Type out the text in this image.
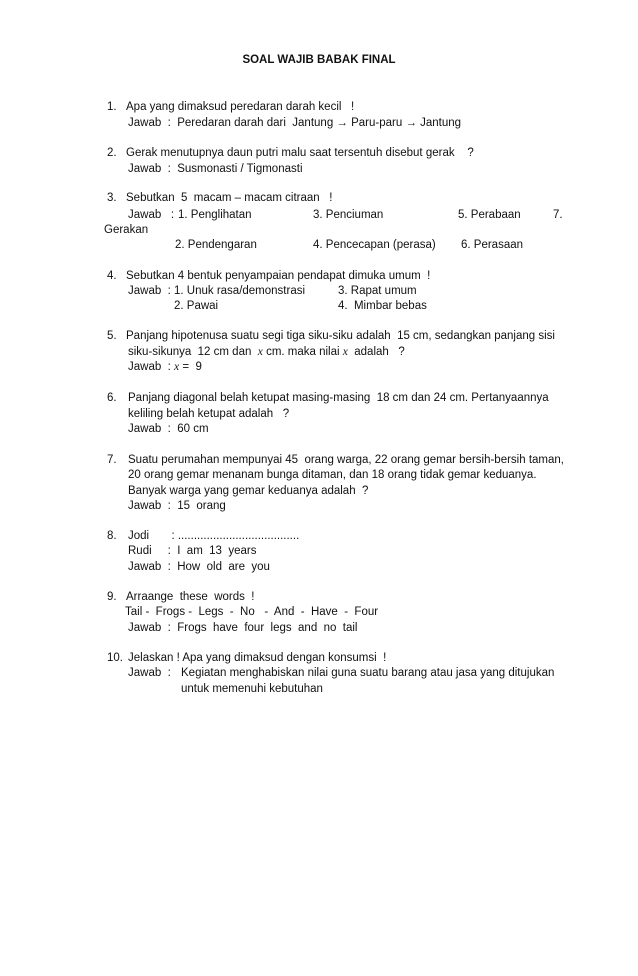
SOAL WAJIB BABAK FINAL
1. Apa yang dimaksud peredaran darah kecil   !
Jawab  :  Peredaran darah dari  Jantung → Paru-paru → Jantung
2. Gerak menutupnya daun putri malu saat tersentuh disebut gerak    ?
Jawab  :  Susmonasti / Tigmonasti
3. Sebutkan  5  macam – macam citraan   !
Jawab   : 1. Penglihatan	3. Penciuman	5. Perabaan	7.
Gerakan
2. Pendengaran	4. Pencecapan (perasa) 6. Perasaan
4. Sebutkan 4 bentuk penyampaian pendapat dimuka umum  !
Jawab  : 1. Unuk rasa/demonstrasi	3. Rapat umum
2. Pawai	4.  Mimbar bebas
5. Panjang hipotenusa suatu segi tiga siku-siku adalah  15 cm, sedangkan panjang sisi
siku-sikunya  12 cm dan  x cm. maka nilai x  adalah   ?
Jawab  : x =  9
6. Panjang diagonal belah ketupat masing-masing  18 cm dan 24 cm. Pertanyaannya
keliling belah ketupat adalah   ?
Jawab  :  60 cm
7. Suatu perumahan mempunyai 45  orang warga, 22 orang gemar bersih-bersih taman,
20 orang gemar menanam bunga ditaman, dan 18 orang tidak gemar keduanya.
Banyak warga yang gemar keduanya adalah  ?
Jawab  :  15  orang
8. Jodi       : ......................................
Rudi     :  I  am  13  years
Jawab  :  How  old  are  you
9. Arraange  these  words  !
Tail -  Frogs -  Legs  -  No   -  And  -  Have  -  Four
Jawab  :  Frogs  have  four  legs  and  no  tail
10. Jelaskan ! Apa yang dimaksud dengan konsumsi  !
Jawab  : Kegiatan menghabiskan nilai guna suatu barang atau jasa yang ditujukan
untuk memenuhi kebutuhan
